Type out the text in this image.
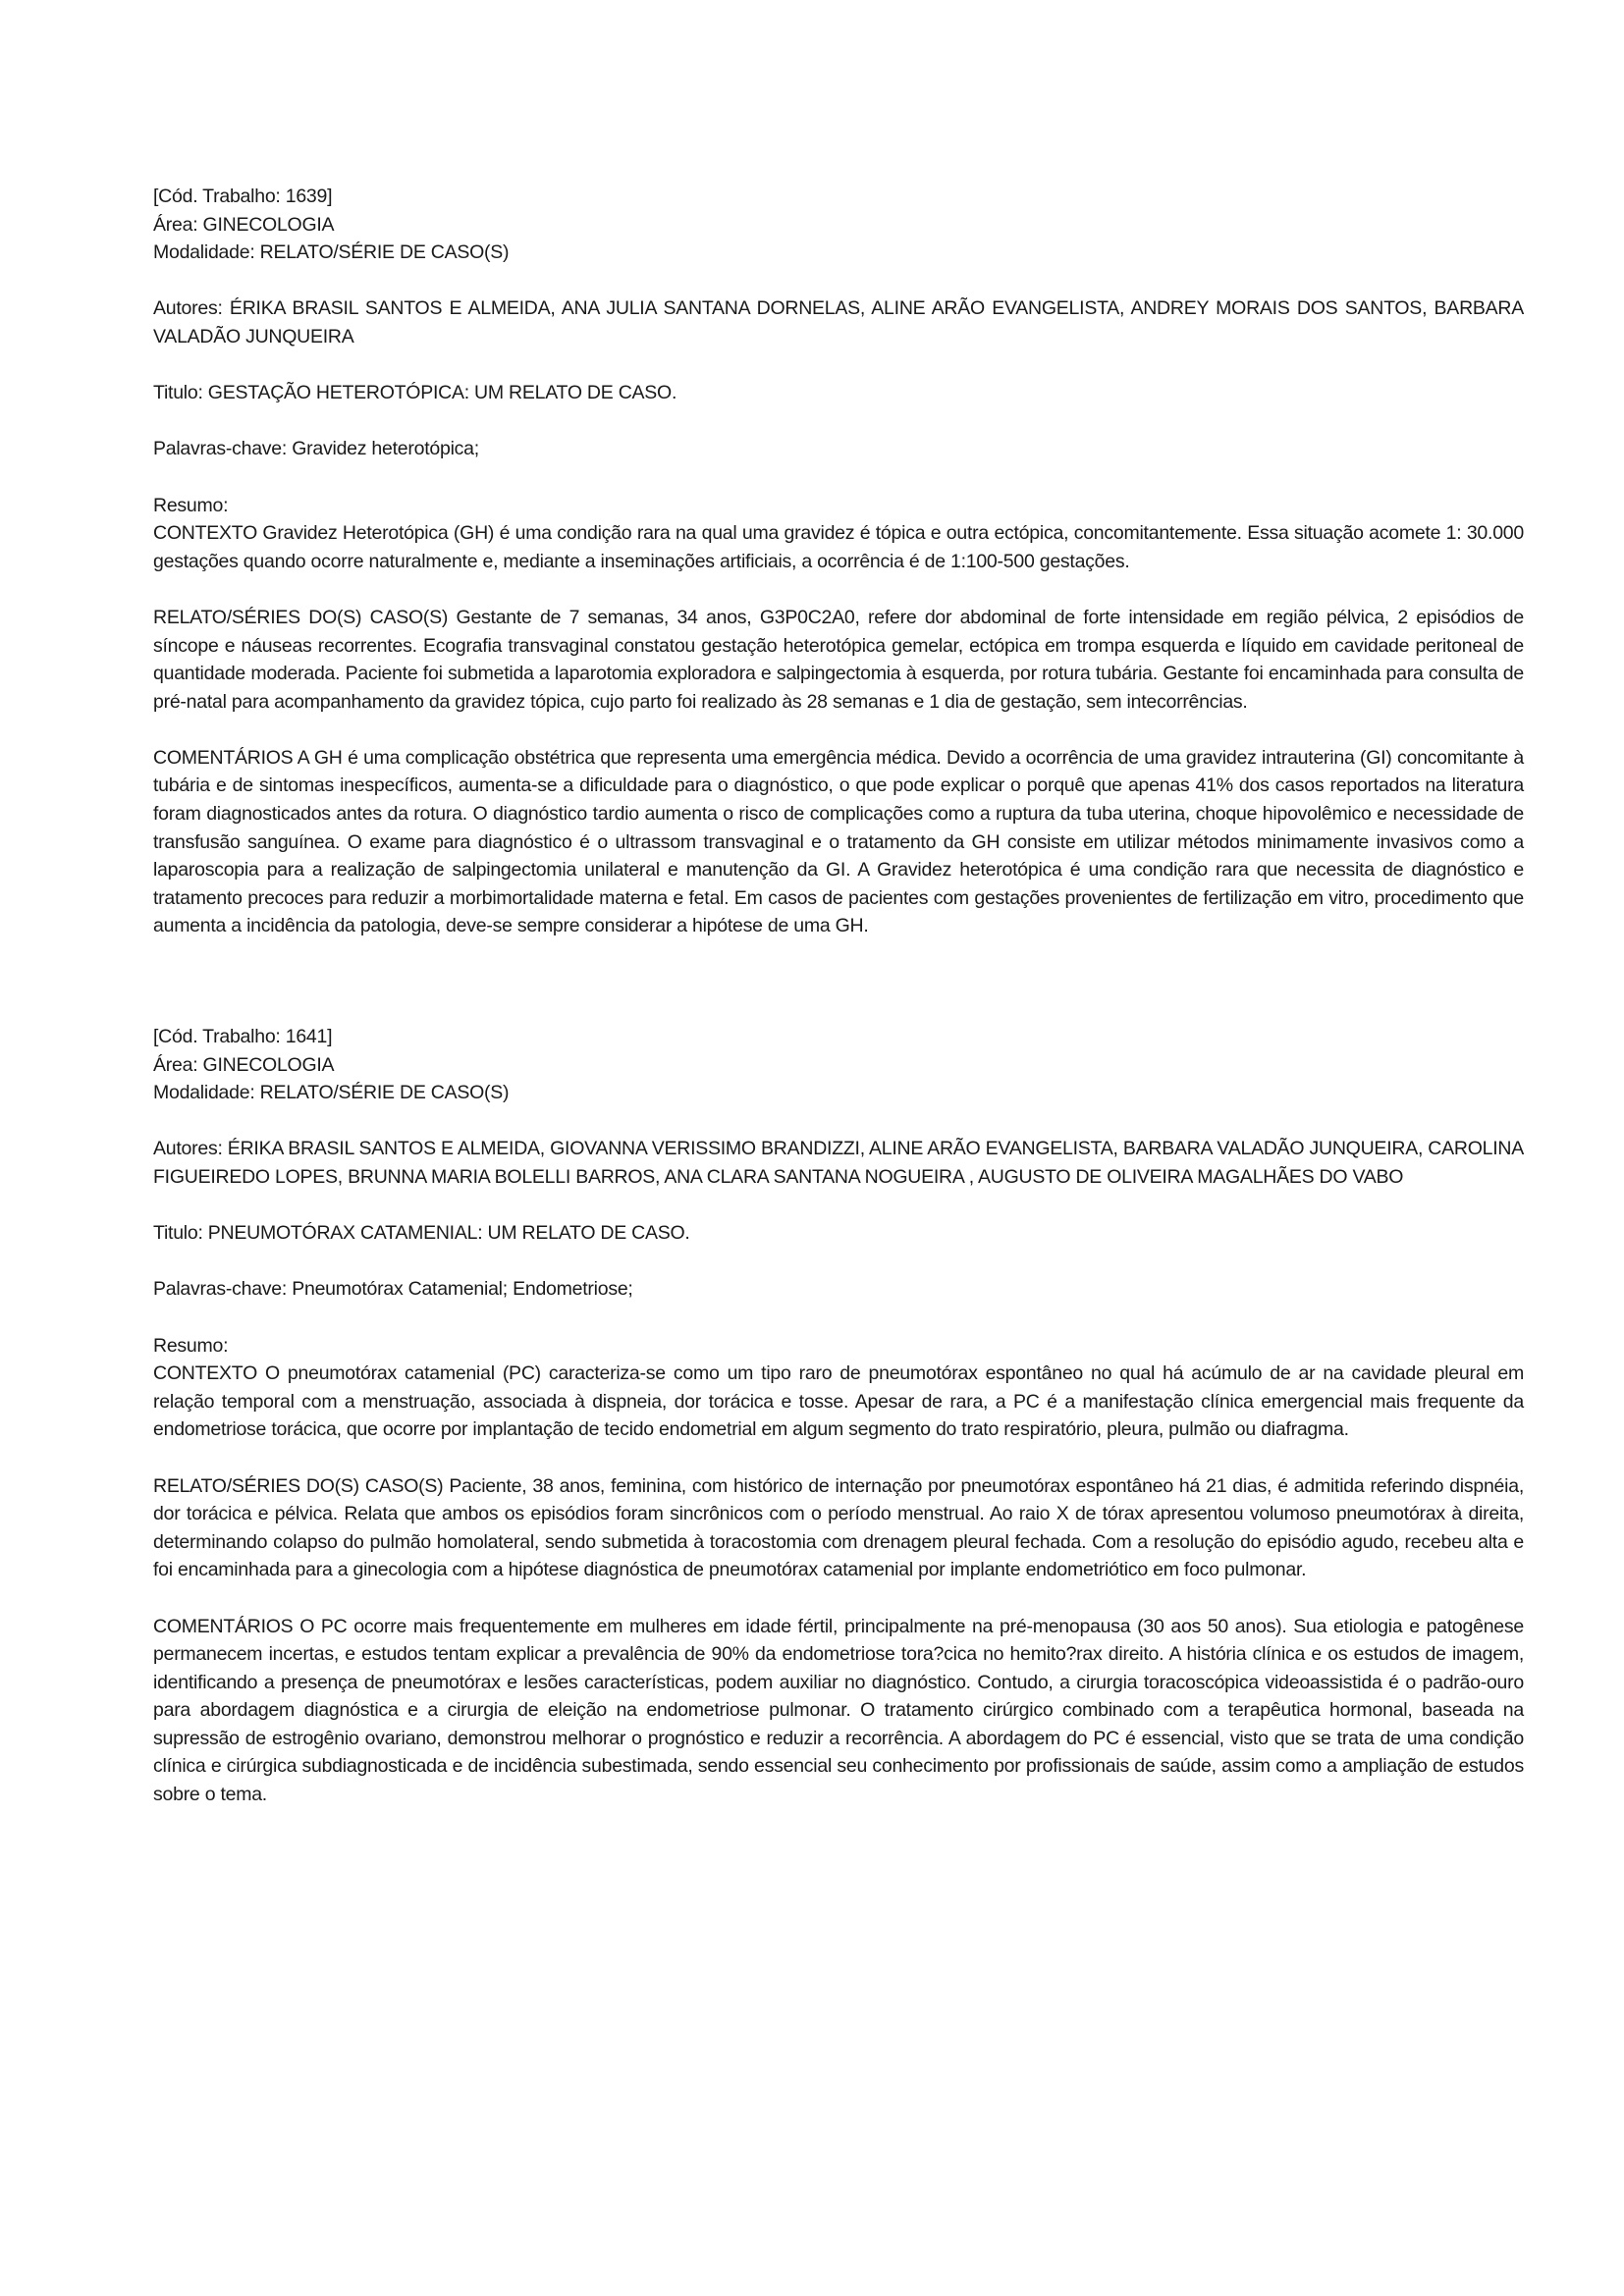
[Cód. Trabalho: 1639]
Área: GINECOLOGIA
Modalidade: RELATO/SÉRIE DE CASO(S)
Autores: ÉRIKA BRASIL SANTOS E ALMEIDA, ANA JULIA SANTANA DORNELAS, ALINE ARÃO EVANGELISTA, ANDREY MORAIS DOS SANTOS, BARBARA VALADÃO JUNQUEIRA
Titulo: GESTAÇÃO HETEROTÓPICA: UM RELATO DE CASO.
Palavras-chave: Gravidez heterotópica;
Resumo:
CONTEXTO Gravidez Heterotópica (GH) é uma condição rara na qual uma gravidez é tópica e outra ectópica, concomitantemente. Essa situação acomete 1: 30.000 gestações quando ocorre naturalmente e, mediante a inseminações artificiais, a ocorrência é de 1:100-500 gestações.
RELATO/SÉRIES DO(S) CASO(S) Gestante de 7 semanas, 34 anos, G3P0C2A0, refere dor abdominal de forte intensidade em região pélvica, 2 episódios de síncope e náuseas recorrentes. Ecografia transvaginal constatou gestação heterotópica gemelar, ectópica em trompa esquerda e líquido em cavidade peritoneal de quantidade moderada. Paciente foi submetida a laparotomia exploradora e salpingectomia à esquerda, por rotura tubária. Gestante foi encaminhada para consulta de pré-natal para acompanhamento da gravidez tópica, cujo parto foi realizado às 28 semanas e 1 dia de gestação, sem intecorrências.
COMENTÁRIOS A GH é uma complicação obstétrica que representa uma emergência médica. Devido a ocorrência de uma gravidez intrauterina (GI) concomitante à tubária e de sintomas inespecíficos, aumenta-se a dificuldade para o diagnóstico, o que pode explicar o porquê que apenas 41% dos casos reportados na literatura foram diagnosticados antes da rotura. O diagnóstico tardio aumenta o risco de complicações como a ruptura da tuba uterina, choque hipovolêmico e necessidade de transfusão sanguínea. O exame para diagnóstico é o ultrassom transvaginal e o tratamento da GH consiste em utilizar métodos minimamente invasivos como a laparoscopia para a realização de salpingectomia unilateral e manutenção da GI. A Gravidez heterotópica é uma condição rara que necessita de diagnóstico e tratamento precoces para reduzir a morbimortalidade materna e fetal. Em casos de pacientes com gestações provenientes de fertilização em vitro, procedimento que aumenta a incidência da patologia, deve-se sempre considerar a hipótese de uma GH.
[Cód. Trabalho: 1641]
Área: GINECOLOGIA
Modalidade: RELATO/SÉRIE DE CASO(S)
Autores: ÉRIKA BRASIL SANTOS E ALMEIDA, GIOVANNA VERISSIMO BRANDIZZI, ALINE ARÃO EVANGELISTA, BARBARA VALADÃO JUNQUEIRA, CAROLINA FIGUEIREDO LOPES, BRUNNA MARIA BOLELLI BARROS, ANA CLARA SANTANA NOGUEIRA , AUGUSTO DE OLIVEIRA MAGALHÃES DO VABO
Titulo: PNEUMOTÓRAX CATAMENIAL: UM RELATO DE CASO.
Palavras-chave: Pneumotórax Catamenial; Endometriose;
Resumo:
CONTEXTO O pneumotórax catamenial (PC) caracteriza-se como um tipo raro de pneumotórax espontâneo no qual há acúmulo de ar na cavidade pleural em relação temporal com a menstruação, associada à dispneia, dor torácica e tosse. Apesar de rara, a PC é a manifestação clínica emergencial mais frequente da endometriose torácica, que ocorre por implantação de tecido endometrial em algum segmento do trato respiratório, pleura, pulmão ou diafragma.
RELATO/SÉRIES DO(S) CASO(S) Paciente, 38 anos, feminina, com histórico de internação por pneumotórax espontâneo há 21 dias, é admitida referindo dispnéia, dor torácica e pélvica. Relata que ambos os episódios foram sincrônicos com o período menstrual. Ao raio X de tórax apresentou volumoso pneumotórax à direita, determinando colapso do pulmão homolateral, sendo submetida à toracostomia com drenagem pleural fechada. Com a resolução do episódio agudo, recebeu alta e foi encaminhada para a ginecologia com a hipótese diagnóstica de pneumotórax catamenial por implante endometriótico em foco pulmonar.
COMENTÁRIOS O PC ocorre mais frequentemente em mulheres em idade fértil, principalmente na pré-menopausa (30 aos 50 anos). Sua etiologia e patogênese permanecem incertas, e estudos tentam explicar a prevalência de 90% da endometriose tora?cica no hemito?rax direito. A história clínica e os estudos de imagem, identificando a presença de pneumotórax e lesões características, podem auxiliar no diagnóstico. Contudo, a cirurgia toracoscópica videoassistida é o padrão-ouro para abordagem diagnóstica e a cirurgia de eleição na endometriose pulmonar. O tratamento cirúrgico combinado com a terapêutica hormonal, baseada na supressão de estrogênio ovariano, demonstrou melhorar o prognóstico e reduzir a recorrência. A abordagem do PC é essencial, visto que se trata de uma condição clínica e cirúrgica subdiagnosticada e de incidência subestimada, sendo essencial seu conhecimento por profissionais de saúde, assim como a ampliação de estudos sobre o tema.
